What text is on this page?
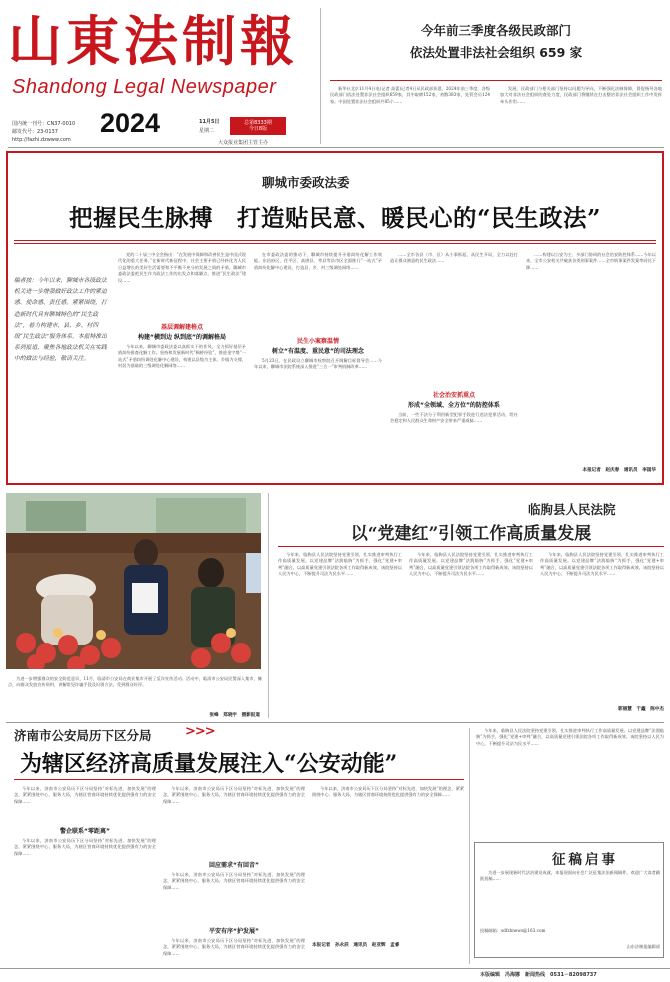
山東法制報
Shandong Legal Newspaper
国内统一刊号：CN37-0010
邮发代号：23-0137
http://fazhi.dzwww.com
2024	11月5日
星期二
总第8333期
今日8版
大众报业集团主管主办
今年前三季度各级民政部门
依法处置非法社会组织 659 家

新华社北京11月4日电(记者 高蕾)记者4日从民政部获悉，2024年前三季度，各级民政部门依法处置非法社会组织659家，其中取缔152家，劝散383家，处罚会员124家。中国处置非法社会组织共85个……

发展。民政部门与相关部门坚持以问题为导向，不断强化法制保障，督促指导各地加大对非法社会组织的查处力度，民政部门将继续在打击整治非法社会组织工作中发挥牵头作用……

聊城市委政法委
把握民生脉搏　打造贴民意、暖民心的“民生政法”
编者按：今年以来，聊城市各级政法机关进一步增强做好政法工作的紧迫感、使命感、责任感，紧紧围绕，打造新时代具有聊城特色的“民生政法”，着力构建市、县、乡、村四级“民生政法”服务体系。本报特推出系列报道，聚焦各地政法机关在实践中的做法与经验，敬请关注。

党的二十届三中全会指出：“在发展中保障和改善民生是中国式现代化的重大任务。”在新时代新征程中，社会主要矛盾已经转化为人民日益增长的美好生活需要和不平衡不充分的发展之间的矛盾。聊城市委政法委把民生作为政法工作的出发点和落脚点，推进“民生政法”建设……

基层调解建格点
构建“横到边 纵到底”的调解格局

今年以来，聊城市委政法委以真抓实干的作风，全力抓好基层矛盾纠纷排查化解工作。坚持和发展新时代“枫桥经验”，推进金字塔“一站式”矛盾纠纷调处化解中心建设，构建以县级为主体、乡镇为支撑、村居为基础的三级调处化解网络……

在市委政法委的推动下，聊城市持续提升矛盾纠纷化解工作效能。东昌府区、茌平区、高唐县、莘县等县市区全面推行“一站式”矛盾纠纷化解中心建设，打造县、乡、村三级调处网络……

民生小案察温情
树立“有温度、重民意”的司法理念

5月23日，在民政设立聊城市检察院召开调解目标督导会……今年以来，聊城市法院系统深入推进“三合一”审判机制改革……

……全市各县（市、区）从小事抓起、从民生开局，全力以赴打造让群众满意的民生政法……

社会治安抓重点
形成“全领域、全方位”的防控体系

当前，一些不法分子利用新型犯罪手段进行违法犯罪活动，给社会稳定和人民群众生命财产安全带来严重威胁……

……构建以公安为主、多部门协同的社会治安防控体系……今年以来，全市公安机关共破获各类刑事案件……全市刑事案件发案率同比下降……

本报记者　赵庆春　通讯员　李国华

为进一步增强群众的安全防范意识，11月，临清市公安局在商业集市开展了反诈宣传活动。活动中，临清市公安局民警深入集市、摊点，向群众发放宣传资料，讲解常见诈骗手段及识别方法，受到群众好评。

张峰　郑晓宇　摄影报道
临朐县人民法院
以“党建红”引领工作高质量发展

今年来，临朐县人民法院坚持党建引领，扎实推进审判执行工作高质量发展。以党建品牌“法润临朐”为抓手，强化“党建+审判”融合，以高质量党建引领法院各项工作取得新成效。该院坚持以人民为中心，不断提升司法为民水平……

今年来，临朐县人民法院坚持党建引领，扎实推进审判执行工作高质量发展。以党建品牌“法润临朐”为抓手，强化“党建+审判”融合，以高质量党建引领法院各项工作取得新成效。该院坚持以人民为中心，不断提升司法为民水平……

今年来，临朐县人民法院坚持党建引领，扎实推进审判执行工作高质量发展。以党建品牌“法润临朐”为抓手，强化“党建+审判”融合，以高质量党建引领法院各项工作取得新成效。该院坚持以人民为中心，不断提升司法为民水平……

郭丽慧　于鑫　陈中杰
济南市公安局历下区分局	>>>
为辖区经济高质量发展注入“公安动能”

今年以来，济南市公安局历下区分局坚持“对标先进、加快发展”的理念，紧紧围绕中心、服务大局，为辖区营商环境持续优化提供强有力的安全保障……

警企联系“零距离”

今年以来，济南市公安局历下区分局坚持“对标先进、加快发展”的理念，紧紧围绕中心、服务大局，为辖区营商环境持续优化提供强有力的安全保障……

今年以来，济南市公安局历下区分局坚持“对标先进、加快发展”的理念，紧紧围绕中心、服务大局，为辖区营商环境持续优化提供强有力的安全保障……

回应需求“有回音”

今年以来，济南市公安局历下区分局坚持“对标先进、加快发展”的理念，紧紧围绕中心、服务大局，为辖区营商环境持续优化提供强有力的安全保障……

平安有序“护发展”

今年以来，济南市公安局历下区分局坚持“对标先进、加快发展”的理念，紧紧围绕中心、服务大局，为辖区营商环境持续优化提供强有力的安全保障……

今年以来，济南市公安局历下区分局坚持“对标先进、加快发展”的理念，紧紧围绕中心、服务大局，为辖区营商环境持续优化提供强有力的安全保障……

本报记者　孙永辰　通讯员　赵亚辉　孟睿

今年来，临朐县人民法院坚持党建引领，扎实推进审判执行工作高质量发展。以党建品牌“法润临朐”为抓手，强化“党建+审判”融合，以高质量党建引领法院各项工作取得新成效。该院坚持以人民为中心，不断提升司法为民水平……

征稿启事

为进一步展现新时代法治建设成就，本报现面向社会广泛征集法治新闻稿件。欢迎广大读者踊跃投稿……

投稿邮箱：sdfzbnews@163.com
山东法制报编辑部
本版编辑　冯海娜　新闻热线　0531－82098737
